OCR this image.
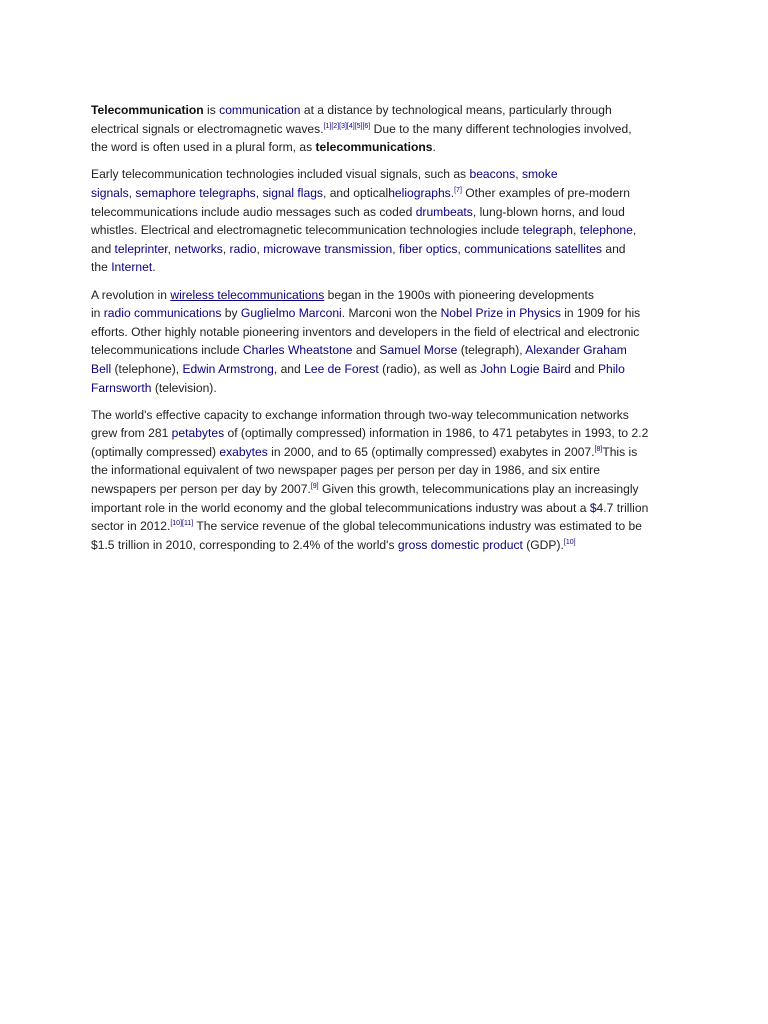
Telecommunication is communication at a distance by technological means, particularly through
electrical signals or electromagnetic waves.[1][2][3][4][5][6] Due to the many different technologies involved,
the word is often used in a plural form, as telecommunications.

Early telecommunication technologies included visual signals, such as beacons, smoke
signals, semaphore telegraphs, signal flags, and opticalheliographs.[7] Other examples of pre-modern
telecommunications include audio messages such as coded drumbeats, lung-blown horns, and loud
whistles. Electrical and electromagnetic telecommunication technologies include telegraph, telephone,
and teleprinter, networks, radio, microwave transmission, fiber optics, communications satellites and
the Internet.

A revolution in wireless telecommunications began in the 1900s with pioneering developments
in radio communications by Guglielmo Marconi. Marconi won the Nobel Prize in Physics in 1909 for his
efforts. Other highly notable pioneering inventors and developers in the field of electrical and electronic
telecommunications include Charles Wheatstone and Samuel Morse (telegraph), Alexander Graham
Bell (telephone), Edwin Armstrong, and Lee de Forest (radio), as well as John Logie Baird and Philo
Farnsworth (television).

The world's effective capacity to exchange information through two-way telecommunication networks
grew from 281 petabytes of (optimally compressed) information in 1986, to 471 petabytes in 1993, to 2.2
(optimally compressed) exabytes in 2000, and to 65 (optimally compressed) exabytes in 2007.[8]This is
the informational equivalent of two newspaper pages per person per day in 1986, and six entire
newspapers per person per day by 2007.[9] Given this growth, telecommunications play an increasingly
important role in the world economy and the global telecommunications industry was about a $4.7 trillion
sector in 2012.[10][11] The service revenue of the global telecommunications industry was estimated to be
$1.5 trillion in 2010, corresponding to 2.4% of the world's gross domestic product (GDP).[10]
